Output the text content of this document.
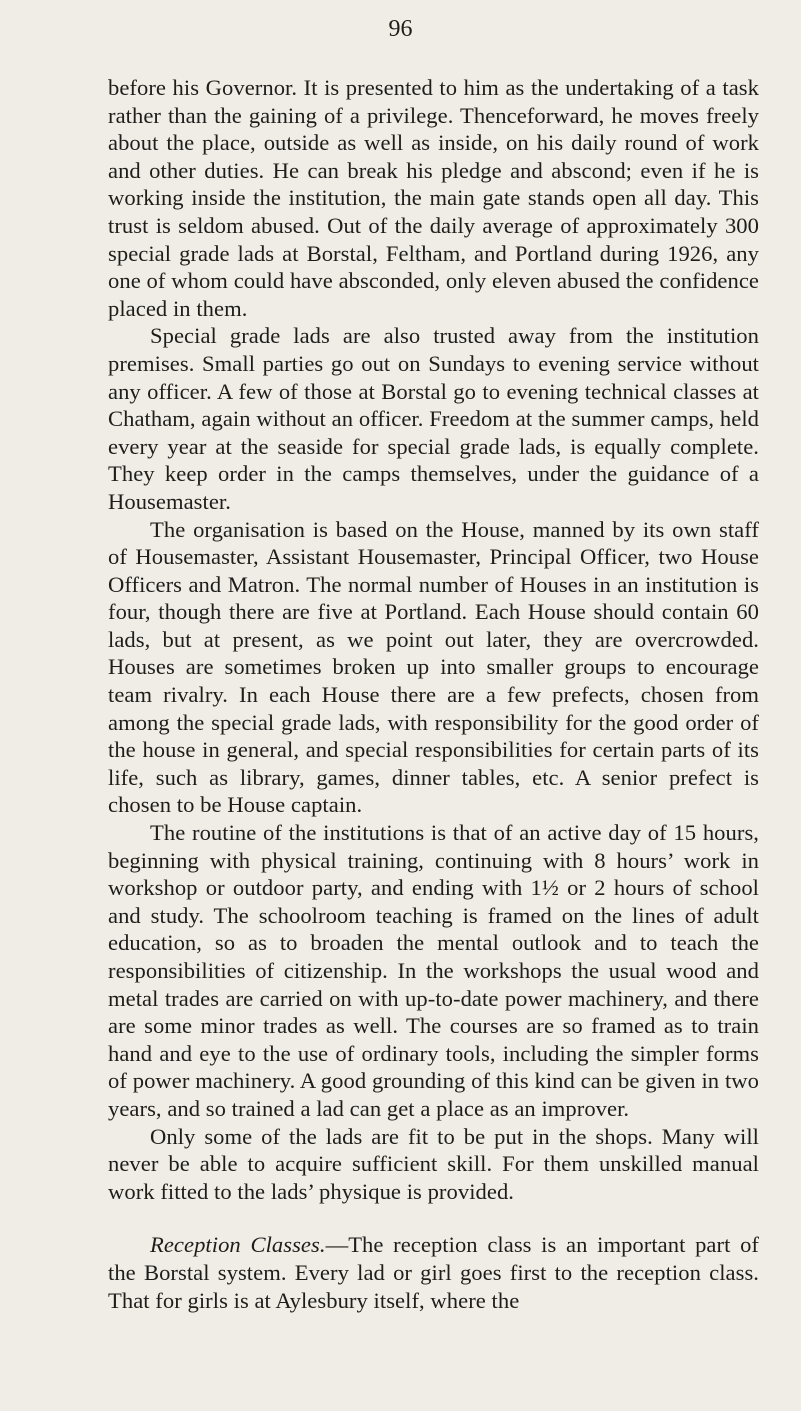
96

before his Governor. It is presented to him as the undertaking of a task rather than the gaining of a privilege. Thenceforward, he moves freely about the place, outside as well as inside, on his daily round of work and other duties. He can break his pledge and abscond; even if he is working inside the institution, the main gate stands open all day. This trust is seldom abused. Out of the daily average of approximately 300 special grade lads at Borstal, Feltham, and Portland during 1926, any one of whom could have absconded, only eleven abused the confidence placed in them.

Special grade lads are also trusted away from the institution premises. Small parties go out on Sundays to evening service without any officer. A few of those at Borstal go to evening technical classes at Chatham, again without an officer. Freedom at the summer camps, held every year at the seaside for special grade lads, is equally complete. They keep order in the camps themselves, under the guidance of a Housemaster.

The organisation is based on the House, manned by its own staff of Housemaster, Assistant Housemaster, Principal Officer, two House Officers and Matron. The normal number of Houses in an institution is four, though there are five at Portland. Each House should contain 60 lads, but at present, as we point out later, they are overcrowded. Houses are sometimes broken up into smaller groups to encourage team rivalry. In each House there are a few prefects, chosen from among the special grade lads, with responsibility for the good order of the house in general, and special responsibilities for certain parts of its life, such as library, games, dinner tables, etc. A senior prefect is chosen to be House captain.

The routine of the institutions is that of an active day of 15 hours, beginning with physical training, continuing with 8 hours’ work in workshop or outdoor party, and ending with 1½ or 2 hours of school and study. The schoolroom teaching is framed on the lines of adult education, so as to broaden the mental outlook and to teach the responsibilities of citizenship. In the workshops the usual wood and metal trades are carried on with up-to-date power machinery, and there are some minor trades as well. The courses are so framed as to train hand and eye to the use of ordinary tools, including the simpler forms of power machinery. A good grounding of this kind can be given in two years, and so trained a lad can get a place as an improver.

Only some of the lads are fit to be put in the shops. Many will never be able to acquire sufficient skill. For them unskilled manual work fitted to the lads’ physique is provided.

Reception Classes.—The reception class is an important part of the Borstal system. Every lad or girl goes first to the reception class. That for girls is at Aylesbury itself, where the
